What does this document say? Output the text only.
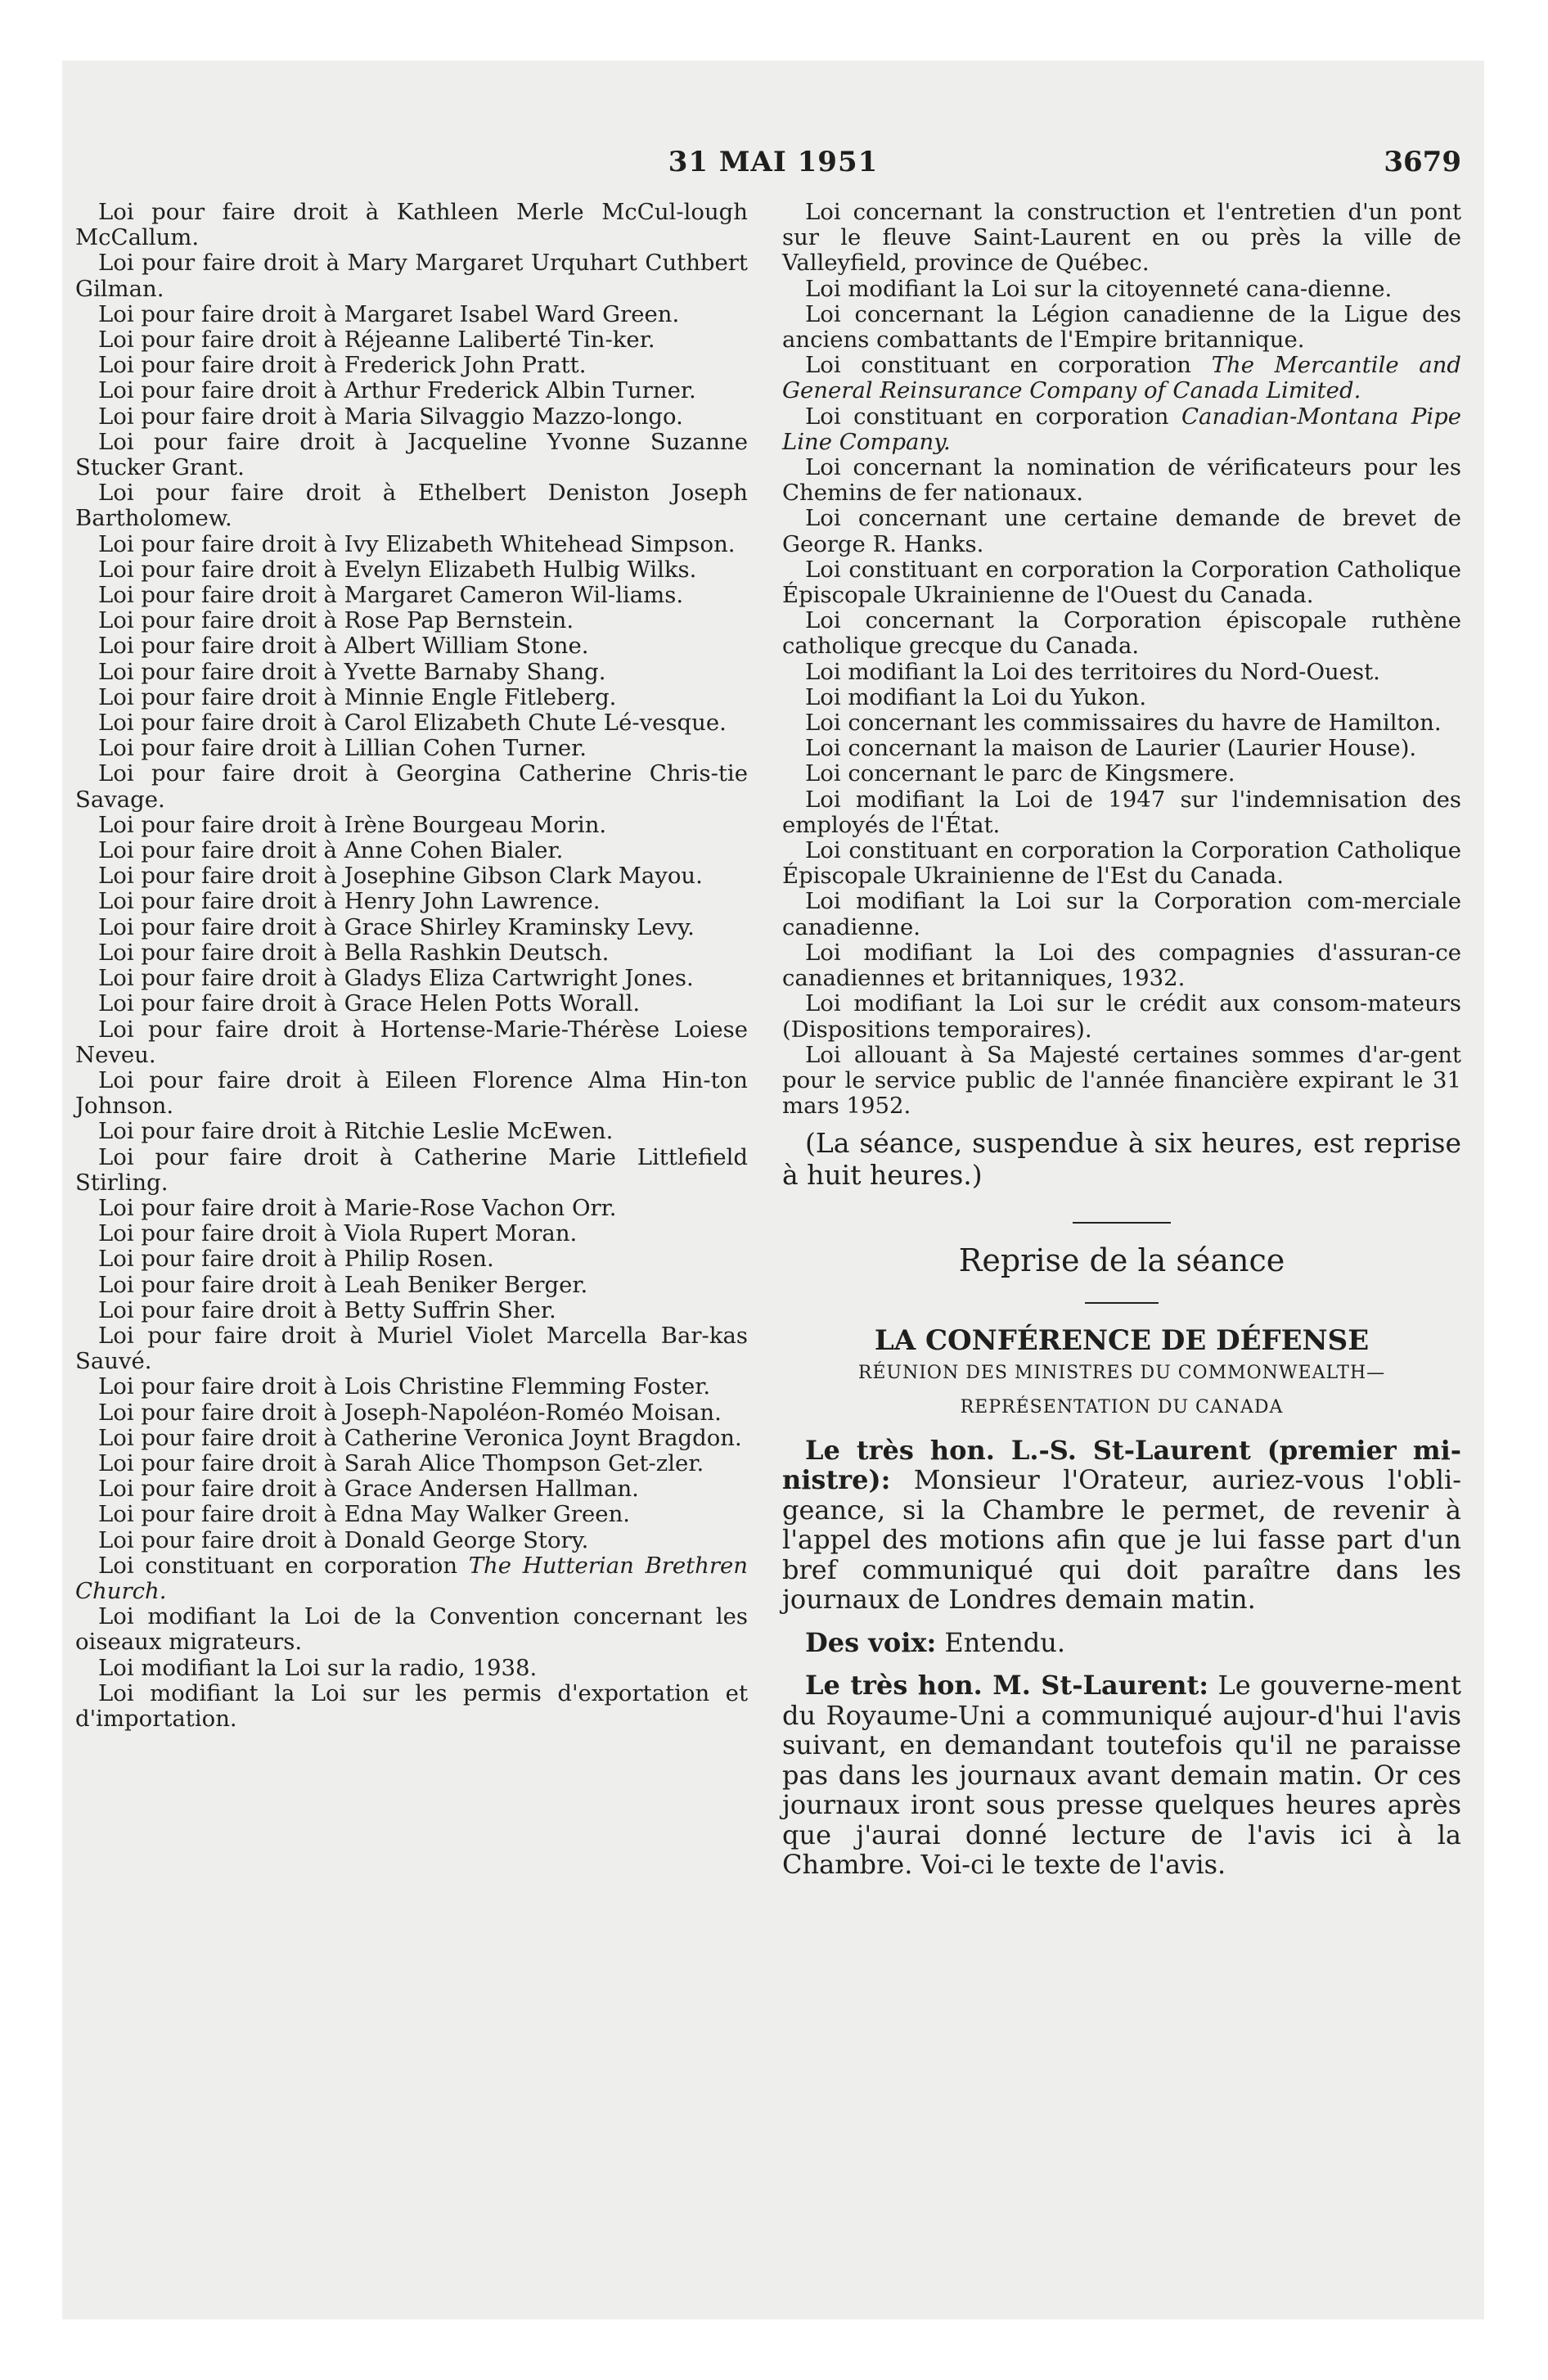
31 MAI 1951	3679

Loi pour faire droit à Kathleen Merle McCul-lough McCallum.

Loi pour faire droit à Mary Margaret Urquhart Cuthbert Gilman.

Loi pour faire droit à Margaret Isabel Ward Green.

Loi pour faire droit à Réjeanne Laliberté Tin-ker.

Loi pour faire droit à Frederick John Pratt.

Loi pour faire droit à Arthur Frederick Albin Turner.

Loi pour faire droit à Maria Silvaggio Mazzo-longo.

Loi pour faire droit à Jacqueline Yvonne Suzanne Stucker Grant.

Loi pour faire droit à Ethelbert Deniston Joseph Bartholomew.

Loi pour faire droit à Ivy Elizabeth Whitehead Simpson.

Loi pour faire droit à Evelyn Elizabeth Hulbig Wilks.

Loi pour faire droit à Margaret Cameron Wil-liams.

Loi pour faire droit à Rose Pap Bernstein.

Loi pour faire droit à Albert William Stone.

Loi pour faire droit à Yvette Barnaby Shang.

Loi pour faire droit à Minnie Engle Fitleberg.

Loi pour faire droit à Carol Elizabeth Chute Lé-vesque.

Loi pour faire droit à Lillian Cohen Turner.

Loi pour faire droit à Georgina Catherine Chris-tie Savage.

Loi pour faire droit à Irène Bourgeau Morin.

Loi pour faire droit à Anne Cohen Bialer.

Loi pour faire droit à Josephine Gibson Clark Mayou.

Loi pour faire droit à Henry John Lawrence.

Loi pour faire droit à Grace Shirley Kraminsky Levy.

Loi pour faire droit à Bella Rashkin Deutsch.

Loi pour faire droit à Gladys Eliza Cartwright Jones.

Loi pour faire droit à Grace Helen Potts Worall.

Loi pour faire droit à Hortense-Marie-Thérèse Loiese Neveu.

Loi pour faire droit à Eileen Florence Alma Hin-ton Johnson.

Loi pour faire droit à Ritchie Leslie McEwen.

Loi pour faire droit à Catherine Marie Littlefield Stirling.

Loi pour faire droit à Marie-Rose Vachon Orr.

Loi pour faire droit à Viola Rupert Moran.

Loi pour faire droit à Philip Rosen.

Loi pour faire droit à Leah Beniker Berger.

Loi pour faire droit à Betty Suffrin Sher.

Loi pour faire droit à Muriel Violet Marcella Bar-kas Sauvé.

Loi pour faire droit à Lois Christine Flemming Foster.

Loi pour faire droit à Joseph-Napoléon-Roméo Moisan.

Loi pour faire droit à Catherine Veronica Joynt Bragdon.

Loi pour faire droit à Sarah Alice Thompson Get-zler.

Loi pour faire droit à Grace Andersen Hallman.

Loi pour faire droit à Edna May Walker Green.

Loi pour faire droit à Donald George Story.

Loi constituant en corporation The Hutterian Brethren Church.

Loi modifiant la Loi de la Convention concernant les oiseaux migrateurs.

Loi modifiant la Loi sur la radio, 1938.

Loi modifiant la Loi sur les permis d'exportation et d'importation.

Loi concernant la construction et l'entretien d'un pont sur le fleuve Saint-Laurent en ou près la ville de Valleyfield, province de Québec.

Loi modifiant la Loi sur la citoyenneté cana-dienne.

Loi concernant la Légion canadienne de la Ligue des anciens combattants de l'Empire britannique.

Loi constituant en corporation The Mercantile and General Reinsurance Company of Canada Limited.

Loi constituant en corporation Canadian-Montana Pipe Line Company.

Loi concernant la nomination de vérificateurs pour les Chemins de fer nationaux.

Loi concernant une certaine demande de brevet de George R. Hanks.

Loi constituant en corporation la Corporation Catholique Épiscopale Ukrainienne de l'Ouest du Canada.

Loi concernant la Corporation épiscopale ruthène catholique grecque du Canada.

Loi modifiant la Loi des territoires du Nord-Ouest.

Loi modifiant la Loi du Yukon.

Loi concernant les commissaires du havre de Hamilton.

Loi concernant la maison de Laurier (Laurier House).

Loi concernant le parc de Kingsmere.

Loi modifiant la Loi de 1947 sur l'indemnisation des employés de l'État.

Loi constituant en corporation la Corporation Catholique Épiscopale Ukrainienne de l'Est du Canada.

Loi modifiant la Loi sur la Corporation com-merciale canadienne.

Loi modifiant la Loi des compagnies d'assuran-ce canadiennes et britanniques, 1932.

Loi modifiant la Loi sur le crédit aux consom-mateurs (Dispositions temporaires).

Loi allouant à Sa Majesté certaines sommes d'ar-gent pour le service public de l'année financière expirant le 31 mars 1952.

(La séance, suspendue à six heures, est reprise à huit heures.)

Reprise de la séance
LA CONFÉRENCE DE DÉFENSE
RÉUNION DES MINISTRES DU COMMONWEALTH—
REPRÉSENTATION DU CANADA

Le très hon. L.-S. St-Laurent (premier mi-nistre): Monsieur l'Orateur, auriez-vous l'obli-geance, si la Chambre le permet, de revenir à l'appel des motions afin que je lui fasse part d'un bref communiqué qui doit paraître dans les journaux de Londres demain matin.

Des voix: Entendu.

Le très hon. M. St-Laurent: Le gouverne-ment du Royaume-Uni a communiqué aujour-d'hui l'avis suivant, en demandant toutefois qu'il ne paraisse pas dans les journaux avant demain matin. Or ces journaux iront sous presse quelques heures après que j'aurai donné lecture de l'avis ici à la Chambre. Voi-ci le texte de l'avis.
